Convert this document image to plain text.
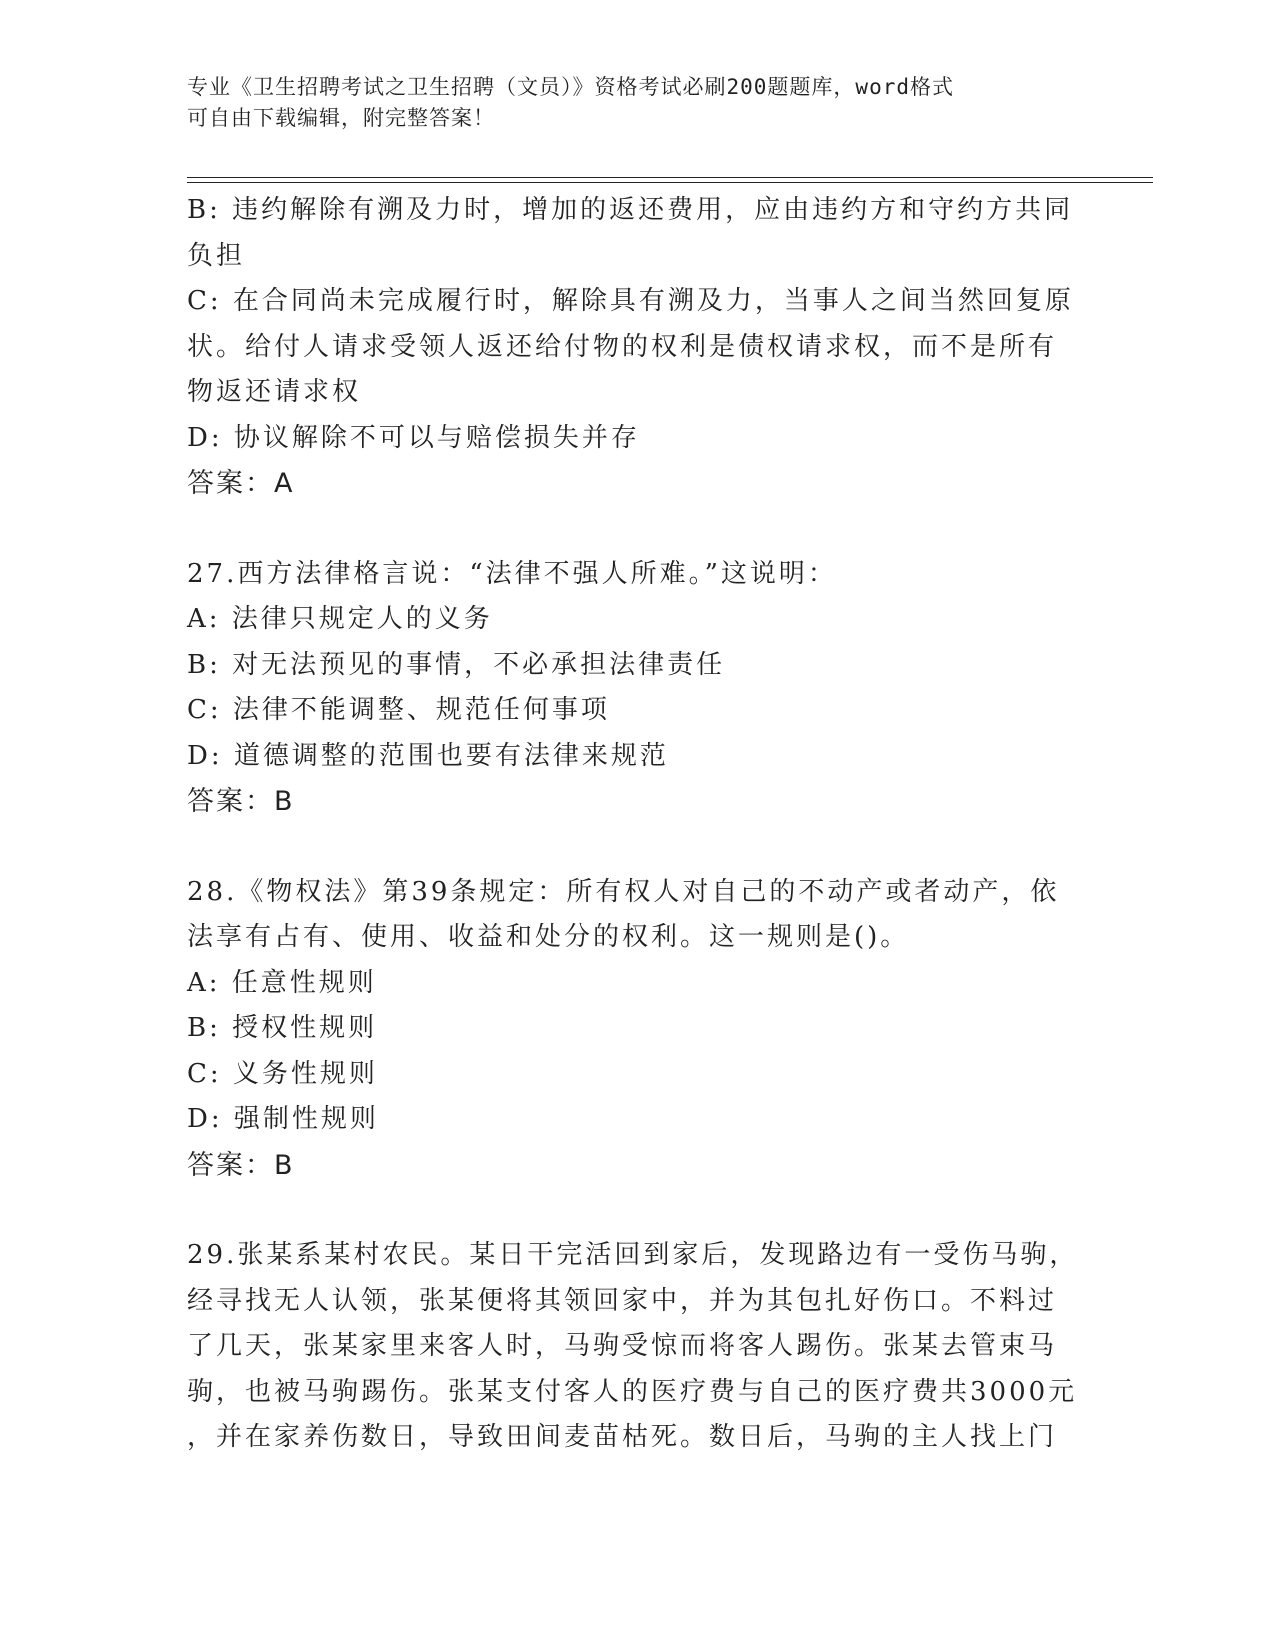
专业《卫生招聘考试之卫生招聘（文员）》资格考试必刷200题题库，word格式
可自由下载编辑，附完整答案！
B: 违约解除有溯及力时，增加的返还费用，应由违约方和守约方共同
负担
C: 在合同尚未完成履行时，解除具有溯及力，当事人之间当然回复原
状。给付人请求受领人返还给付物的权利是债权请求权，而不是所有
物返还请求权
D: 协议解除不可以与赔偿损失并存
答案：A
27.西方法律格言说：“法律不强人所难。”这说明：
A: 法律只规定人的义务
B: 对无法预见的事情，不必承担法律责任
C: 法律不能调整、规范任何事项
D: 道德调整的范围也要有法律来规范
答案：B
28.《物权法》第39条规定：所有权人对自己的不动产或者动产，依
法享有占有、使用、收益和处分的权利。这一规则是()。
A: 任意性规则
B: 授权性规则
C: 义务性规则
D: 强制性规则
答案：B
29.张某系某村农民。某日干完活回到家后，发现路边有一受伤马驹，
经寻找无人认领，张某便将其领回家中，并为其包扎好伤口。不料过
了几天，张某家里来客人时，马驹受惊而将客人踢伤。张某去管束马
驹，也被马驹踢伤。张某支付客人的医疗费与自己的医疗费共3000元
，并在家养伤数日，导致田间麦苗枯死。数日后，马驹的主人找上门
